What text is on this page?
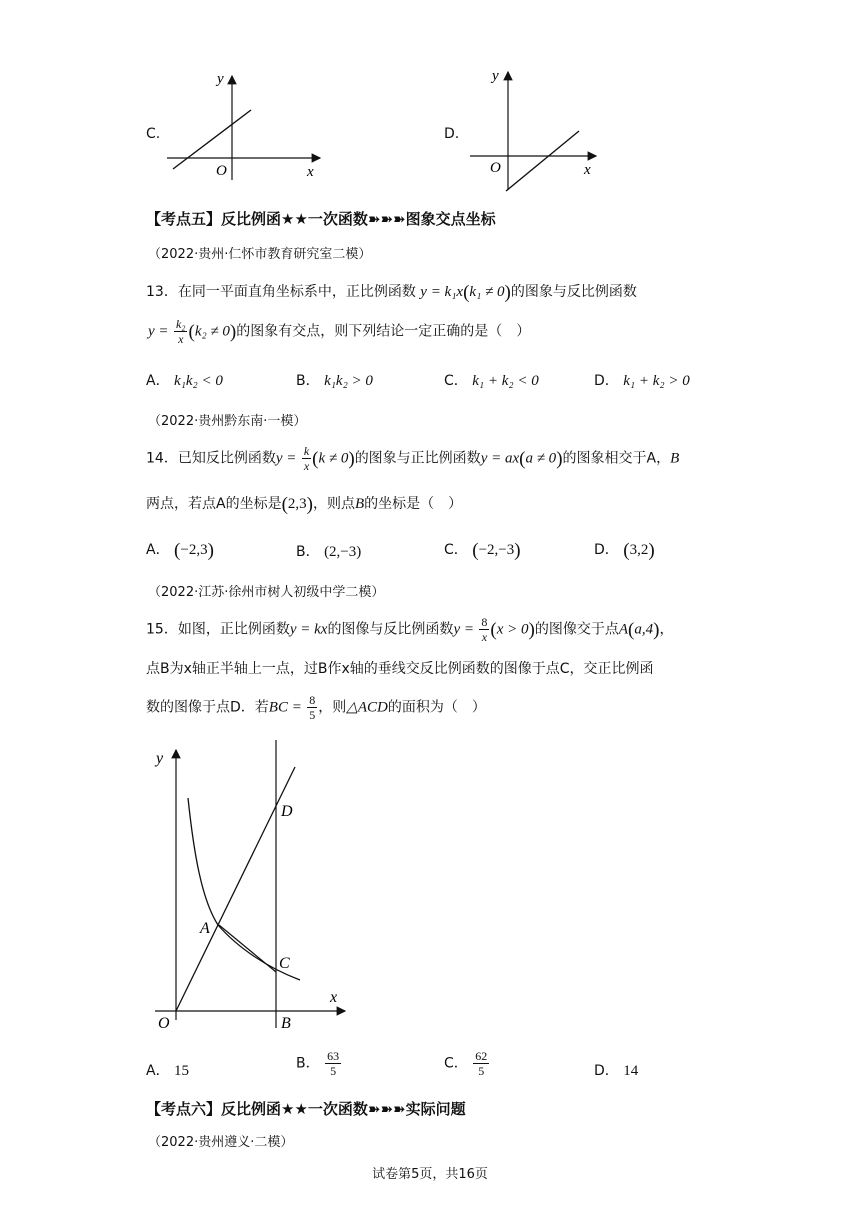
C.
y
x
O
D.
y
x
O
【考点五】反比例函★★一次函数➽➽➽图象交点坐标
（2022·贵州·仁怀市教育研究室二模）
13．在同一平面直角坐标系中，正比例函数 y = k₁x(k₁ ≠ 0)的图象与反比例函数
$y = \frac{\text{k₂}}{x} (k_2 \ne 0)$的图象有交点，则下列结论一定正确的是（　）
A． k₁k₂ < 0	B． k₁k₂ > 0	C． k₁ + k₂ < 0	D． k₁ + k₂ > 0
（2022·贵州黔东南·一模）
14．已知反比例函数$y = \frac{k}{x} (k \ne 0)$的图象与正比例函数y = ax(a ≠ 0)的图象相交于A，B
两点，若点A的坐标是(2,3)，则点B的坐标是（　）
A． (−2,3)	B． (2,−3)	C． (−2,−3)	D． (3,2)
（2022·江苏·徐州市树人初级中学二模）
15．如图，正比例函数y = kx的图像与反比例函数$y = \frac{8}{x} (x > 0)$的图像交于点A(a,4)，
点B为x轴正半轴上一点，过B作x轴的垂线交反比例函数的图像于点C，交正比例函
数的图像于点D．若BC = $\frac{8}{5}$ ，则△ACD的面积为（　）
y
x
O	B
C
D
A
A． 15	B． $\frac{63}{5}$	C． $\frac{62}{5}$	D． 14
【考点六】反比例函★★一次函数➽➽➽实际问题
（2022·贵州遵义·二模）
试卷第5页，共16页
